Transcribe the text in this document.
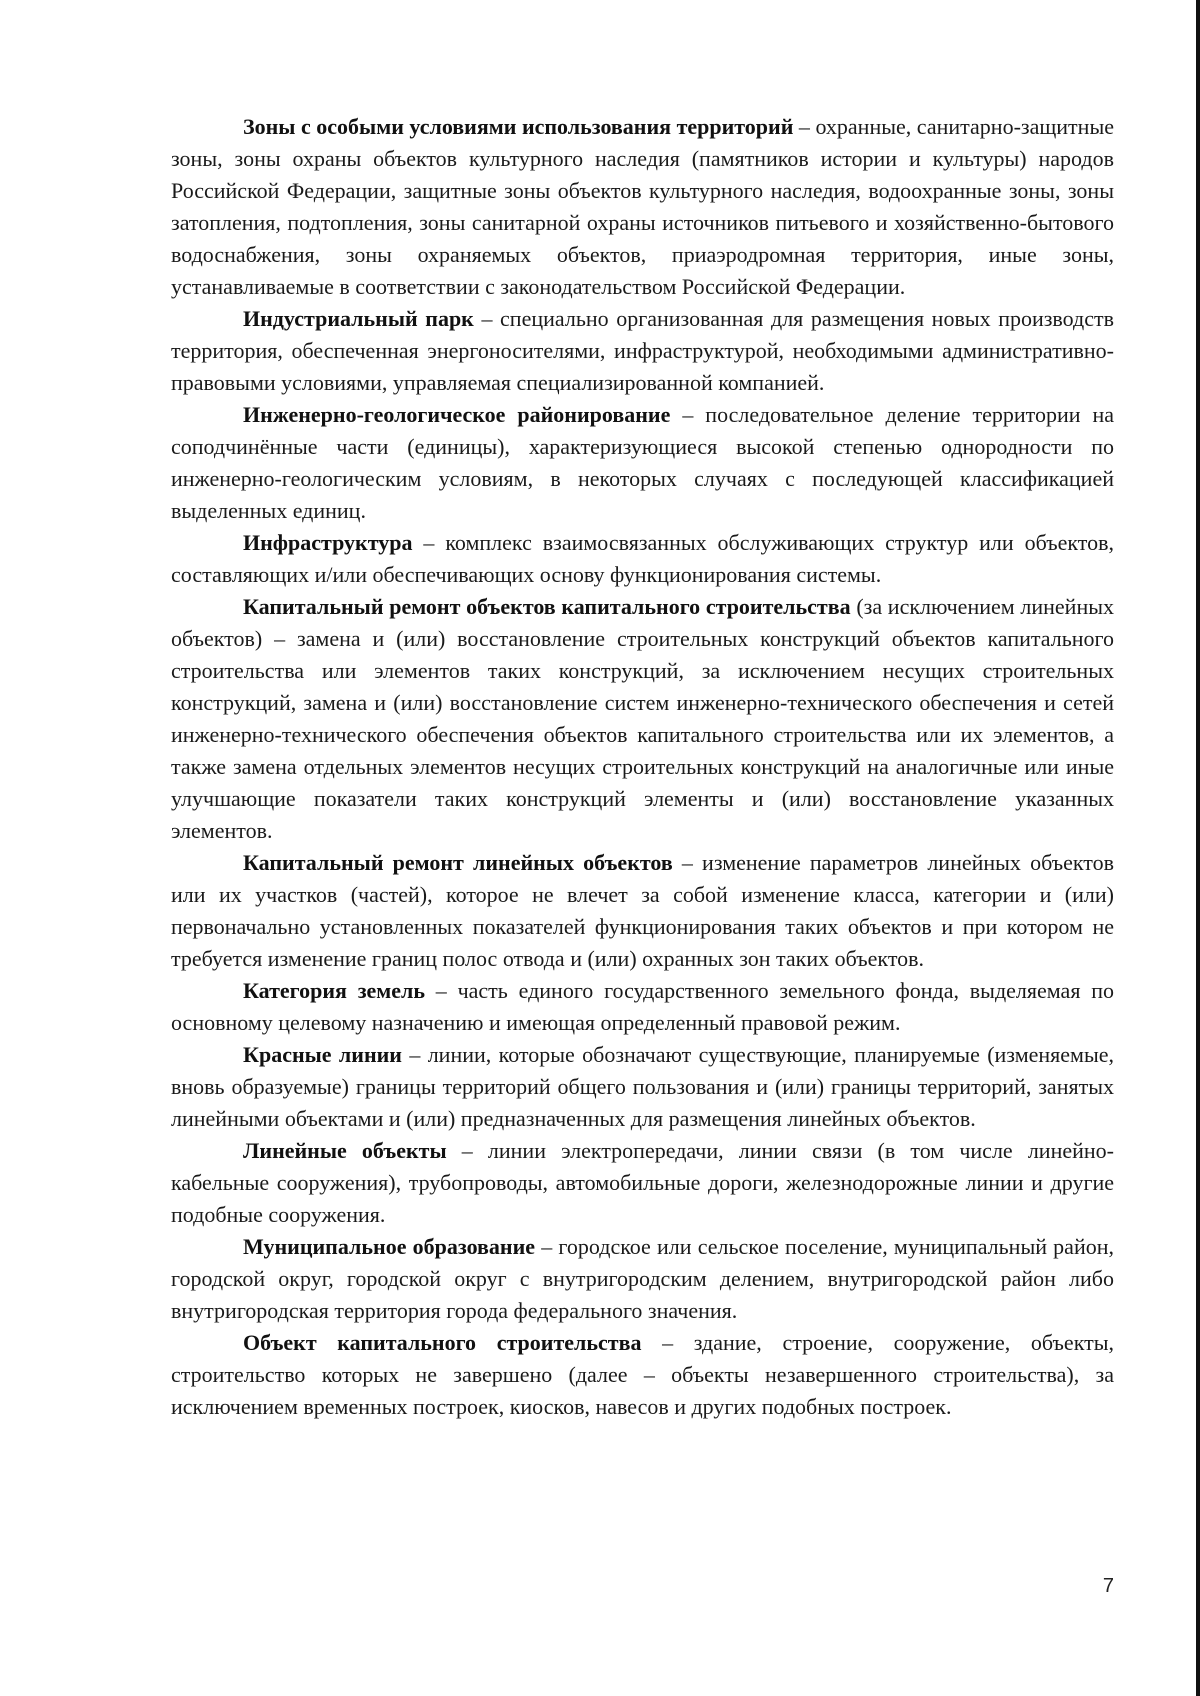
Зоны с особыми условиями использования территорий – охранные, санитарно-защитные зоны, зоны охраны объектов культурного наследия (памятников истории и культуры) народов Российской Федерации, защитные зоны объектов культурного наследия, водоохранные зоны, зоны затопления, подтопления, зоны санитарной охраны источников питьевого и хозяйственно-бытового водоснабжения, зоны охраняемых объектов, приаэродромная территория, иные зоны, устанавливаемые в соответствии с законодательством Российской Федерации.

Индустриальный парк – специально организованная для размещения новых производств территория, обеспеченная энергоносителями, инфраструктурой, необходимыми административно-правовыми условиями, управляемая специализированной компанией.

Инженерно-геологическое районирование – последовательное деление территории на соподчинённые части (единицы), характеризующиеся высокой степенью однородности по инженерно-геологическим условиям, в некоторых случаях с последующей классификацией выделенных единиц.

Инфраструктура – комплекс взаимосвязанных обслуживающих структур или объектов, составляющих и/или обеспечивающих основу функционирования системы.

Капитальный ремонт объектов капитального строительства (за исключением линейных объектов) – замена и (или) восстановление строительных конструкций объектов капитального строительства или элементов таких конструкций, за исключением несущих строительных конструкций, замена и (или) восстановление систем инженерно-технического обеспечения и сетей инженерно-технического обеспечения объектов капитального строительства или их элементов, а также замена отдельных элементов несущих строительных конструкций на аналогичные или иные улучшающие показатели таких конструкций элементы и (или) восстановление указанных элементов.

Капитальный ремонт линейных объектов – изменение параметров линейных объектов или их участков (частей), которое не влечет за собой изменение класса, категории и (или) первоначально установленных показателей функционирования таких объектов и при котором не требуется изменение границ полос отвода и (или) охранных зон таких объектов.

Категория земель – часть единого государственного земельного фонда, выделяемая по основному целевому назначению и имеющая определенный правовой режим.

Красные линии – линии, которые обозначают существующие, планируемые (изменяемые, вновь образуемые) границы территорий общего пользования и (или) границы территорий, занятых линейными объектами и (или) предназначенных для размещения линейных объектов.

Линейные объекты – линии электропередачи, линии связи (в том числе линейно-кабельные сооружения), трубопроводы, автомобильные дороги, железнодорожные линии и другие подобные сооружения.

Муниципальное образование – городское или сельское поселение, муниципальный район, городской округ, городской округ с внутригородским делением, внутригородской район либо внутригородская территория города федерального значения.

Объект капитального строительства – здание, строение, сооружение, объекты, строительство которых не завершено (далее – объекты незавершенного строительства), за исключением временных построек, киосков, навесов и других подобных построек.

7
